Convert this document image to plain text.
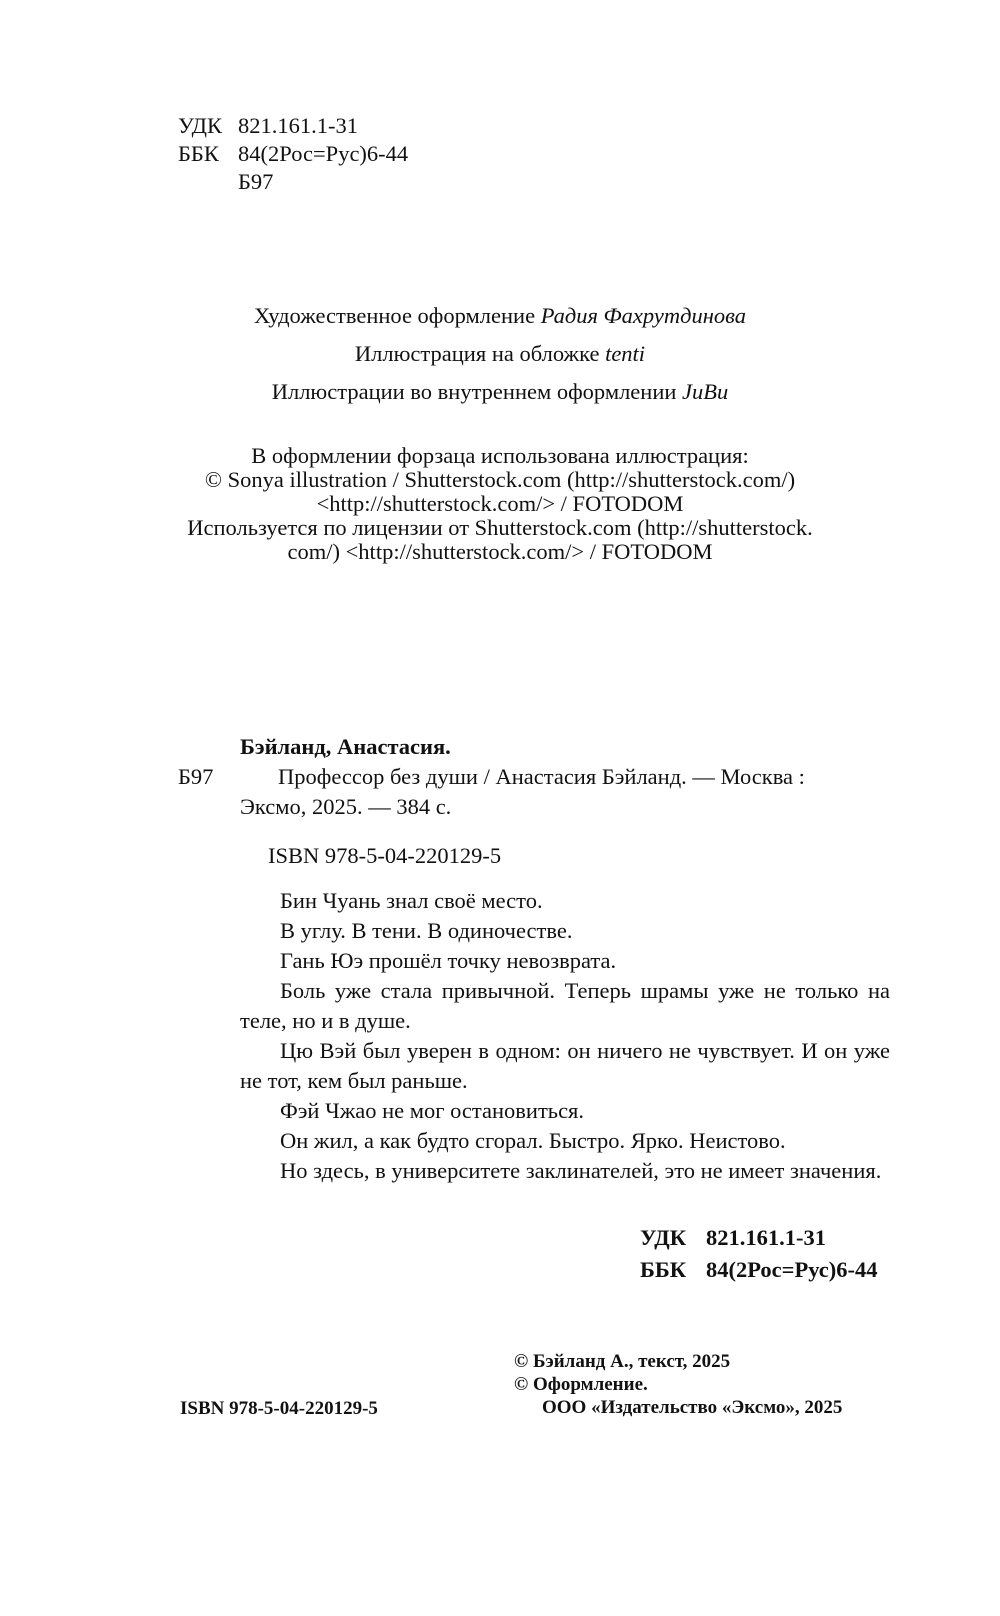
УДК 821.161.1-31
ББК 84(2Рос=Рус)6-44
Б97
Художественное оформление Радия Фахрутдинова
Иллюстрация на обложке tenti
Иллюстрации во внутреннем оформлении JuВи
В оформлении форзаца использована иллюстрация:
© Sonya illustration / Shutterstock.com (http://shutterstock.com/)
<http://shutterstock.com/> / FOTODOM
Используется по лицензии от Shutterstock.com (http://shutterstock.
com/) <http://shutterstock.com/> / FOTODOM
Бэйланд, Анастасия.
Б97	Профессор без души / Анастасия Бэйланд. — Москва :
Эксмо, 2025. — 384 с.
ISBN 978-5-04-220129-5
Бин Чуань знал своё место.
В углу. В тени. В одиночестве.
Гань Юэ прошёл точку невозврата.
Боль уже стала привычной. Теперь шрамы уже не только на теле, но и в душе.
Цю Вэй был уверен в одном: он ничего не чувствует. И он уже не тот, кем был раньше.
Фэй Чжао не мог остановиться.
Он жил, а как будто сгорал. Быстро. Ярко. Неистово.
Но здесь, в университете заклинателей, это не имеет значения.
УДК 821.161.1-31
ББК 84(2Рос=Рус)6-44
ISBN 978-5-04-220129-5
© Бэйланд А., текст, 2025
© Оформление.
ООО «Издательство «Эксмо», 2025
